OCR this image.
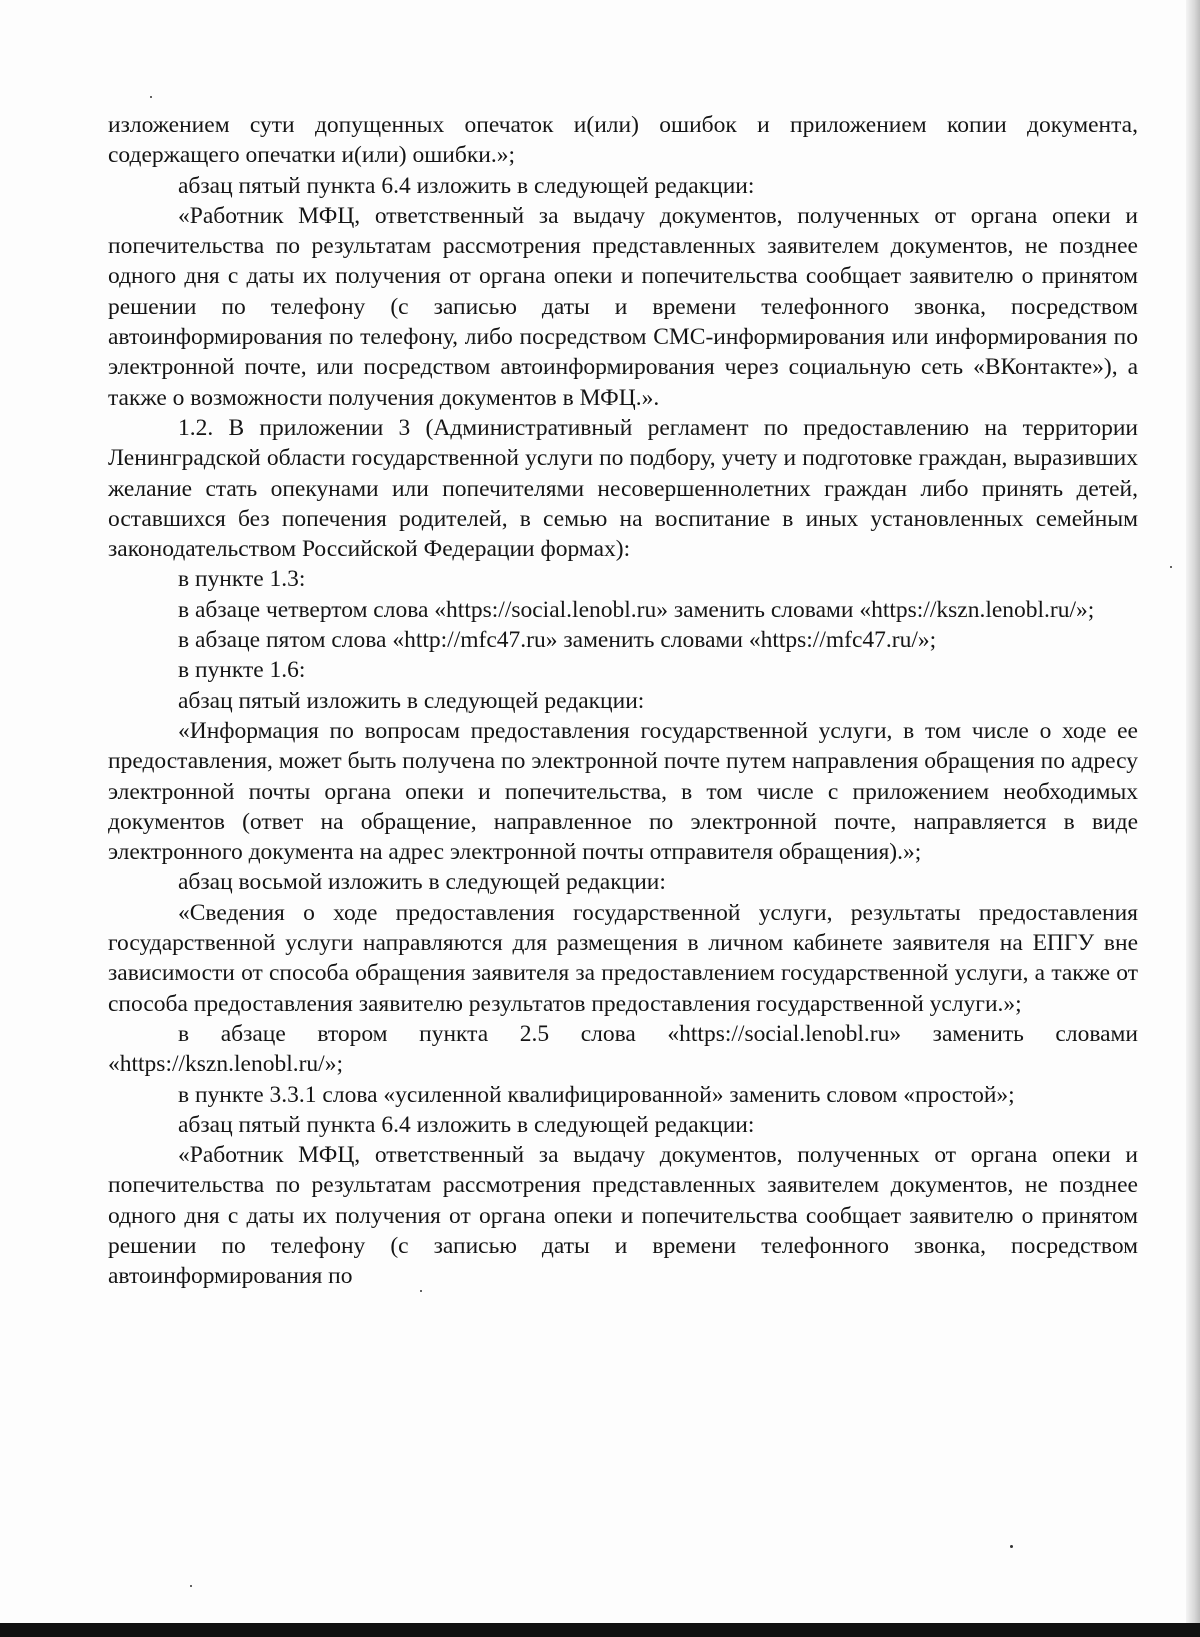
изложением сути допущенных опечаток и(или) ошибок и приложением копии документа, содержащего опечатки и(или) ошибки.»;

абзац пятый пункта 6.4 изложить в следующей редакции:

«Работник МФЦ, ответственный за выдачу документов, полученных от органа опеки и попечительства по результатам рассмотрения представленных заявителем документов, не позднее одного дня с даты их получения от органа опеки и попечительства сообщает заявителю о принятом решении по телефону (с записью даты и времени телефонного звонка, посредством автоинформирования по телефону, либо посредством СМС-информирования или информирования по электронной почте, или посредством автоинформирования через социальную сеть «ВКонтакте»), а также о возможности получения документов в МФЦ.».

1.2. В приложении 3 (Административный регламент по предоставлению на территории Ленинградской области государственной услуги по подбору, учету и подготовке граждан, выразивших желание стать опекунами или попечителями несовершеннолетних граждан либо принять детей, оставшихся без попечения родителей, в семью на воспитание в иных установленных семейным законодательством Российской Федерации формах):

в пункте 1.3:

в абзаце четвертом слова «https://social.lenobl.ru» заменить словами «https://kszn.lenobl.ru/»;

в абзаце пятом слова «http://mfc47.ru» заменить словами «https://mfc47.ru/»;

в пункте 1.6:

абзац пятый изложить в следующей редакции:

«Информация по вопросам предоставления государственной услуги, в том числе о ходе ее предоставления, может быть получена по электронной почте путем направления обращения по адресу электронной почты органа опеки и попечительства, в том числе с приложением необходимых документов (ответ на обращение, направленное по электронной почте, направляется в виде электронного документа на адрес электронной почты отправителя обращения).»;

абзац восьмой изложить в следующей редакции:

«Сведения о ходе предоставления государственной услуги, результаты предоставления государственной услуги направляются для размещения в личном кабинете заявителя на ЕПГУ вне зависимости от способа обращения заявителя за предоставлением государственной услуги, а также от способа предоставления заявителю результатов предоставления государственной услуги.»;

в абзаце втором пункта 2.5 слова «https://social.lenobl.ru» заменить словами «https://kszn.lenobl.ru/»;

в пункте 3.3.1 слова «усиленной квалифицированной» заменить словом «простой»;

абзац пятый пункта 6.4 изложить в следующей редакции:

«Работник МФЦ, ответственный за выдачу документов, полученных от органа опеки и попечительства по результатам рассмотрения представленных заявителем документов, не позднее одного дня с даты их получения от органа опеки и попечительства сообщает заявителю о принятом решении по телефону (с записью даты и времени телефонного звонка, посредством автоинформирования по
